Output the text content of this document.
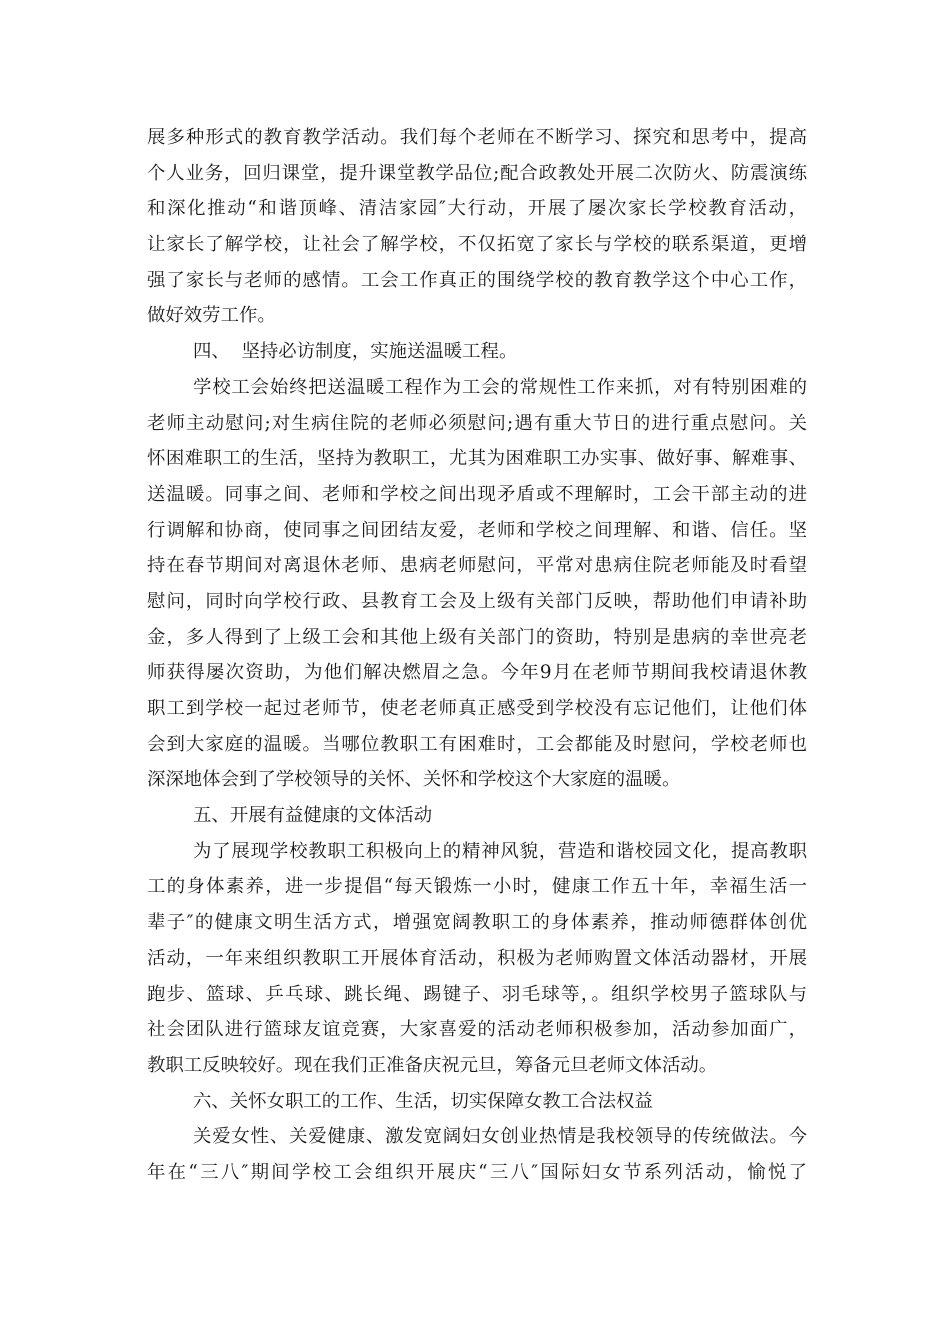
展多种形式的教育教学活动。我们每个老师在不断学习、探究和思考中，提高
个人业务，回归课堂，提升课堂教学品位;配合政教处开展二次防火、防震演练
和深化推动“和谐顶峰、清洁家园″大行动，开展了屡次家长学校教育活动，
让家长了解学校，让社会了解学校，不仅拓宽了家长与学校的联系渠道，更增
强了家长与老师的感情。工会工作真正的围绕学校的教育教学这个中心工作，
做好效劳工作。
四、  坚持必访制度，实施送温暖工程。
学校工会始终把送温暖工程作为工会的常规性工作来抓，对有特别困难的
老师主动慰问;对生病住院的老师必须慰问;遇有重大节日的进行重点慰问。关
怀困难职工的生活，坚持为教职工，尤其为困难职工办实事、做好事、解难事、
送温暖。同事之间、老师和学校之间出现矛盾或不理解时，工会干部主动的进
行调解和协商，使同事之间团结友爱，老师和学校之间理解、和谐、信任。坚
持在春节期间对离退休老师、患病老师慰问，平常对患病住院老师能及时看望
慰问，同时向学校行政、县教育工会及上级有关部门反映，帮助他们申请补助
金，多人得到了上级工会和其他上级有关部门的资助，特别是患病的幸世亮老
师获得屡次资助，为他们解决燃眉之急。今年9月在老师节期间我校请退休教
职工到学校一起过老师节，使老老师真正感受到学校没有忘记他们，让他们体
会到大家庭的温暖。当哪位教职工有困难时，工会都能及时慰问，学校老师也
深深地体会到了学校领导的关怀、关怀和学校这个大家庭的温暖。
五、开展有益健康的文体活动
为了展现学校教职工积极向上的精神风貌，营造和谐校园文化，提高教职
工的身体素养，进一步提倡“每天锻炼一小时，健康工作五十年，幸福生活一
辈子″的健康文明生活方式，增强宽阔教职工的身体素养，推动师德群体创优
活动，一年来组织教职工开展体育活动，积极为老师购置文体活动器材，开展
跑步、篮球、乒乓球、跳长绳、踢键子、羽毛球等，。组织学校男子篮球队与
社会团队进行篮球友谊竞赛，大家喜爱的活动老师积极参加，活动参加面广，
教职工反映较好。现在我们正准备庆祝元旦，筹备元旦老师文体活动。
六、关怀女职工的工作、生活，切实保障女教工合法权益
关爱女性、关爱健康、激发宽阔妇女创业热情是我校领导的传统做法。今
年在“三八″期间学校工会组织开展庆“三八″国际妇女节系列活动，愉悦了
